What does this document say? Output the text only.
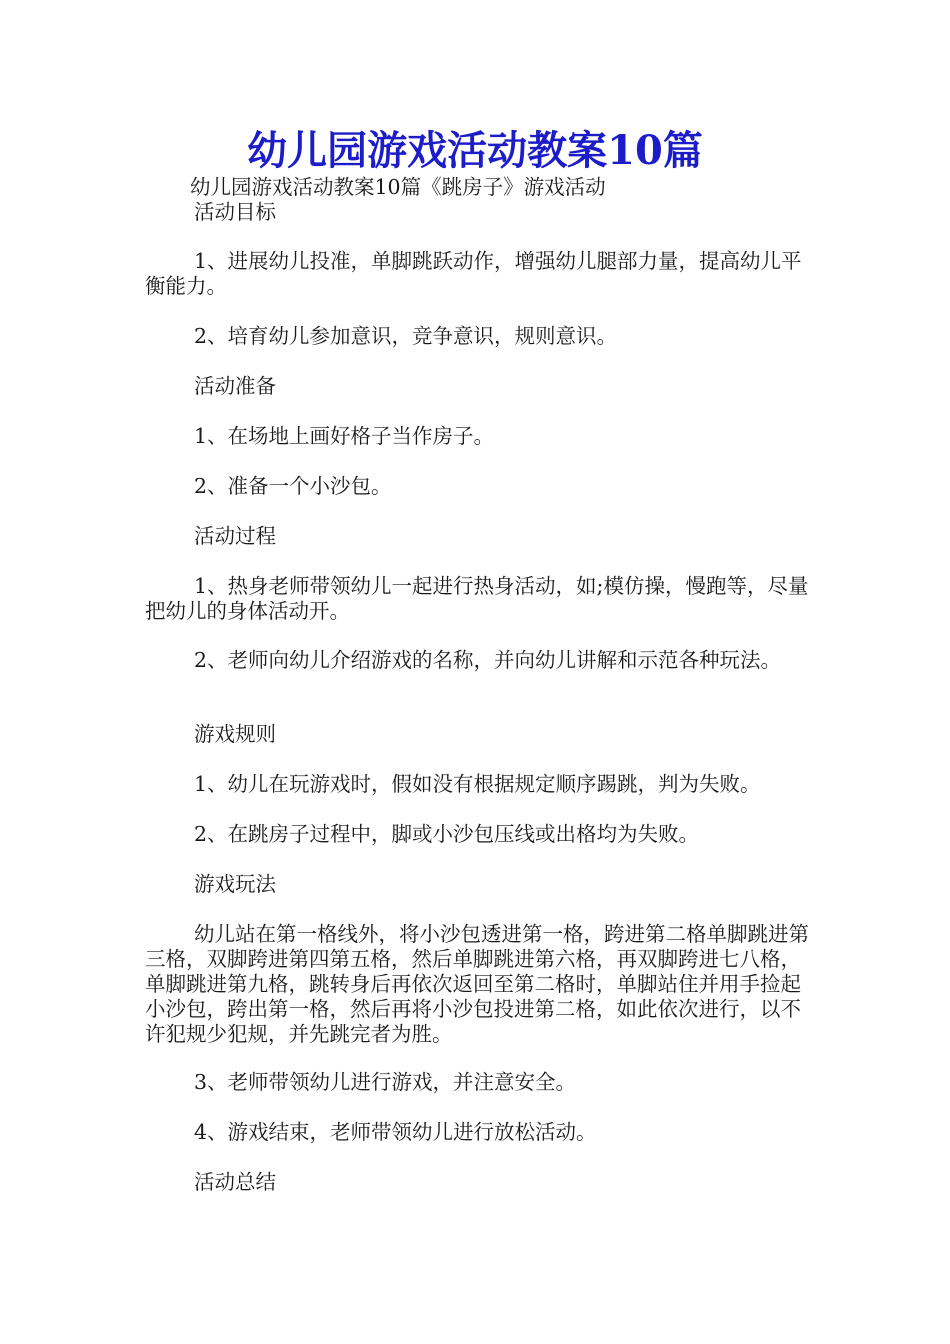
幼儿园游戏活动教案10篇

幼儿园游戏活动教案10篇《跳房子》游戏活动

活动目标

1、进展幼儿投准，单脚跳跃动作，增强幼儿腿部力量，提高幼儿平衡能力。

2、培育幼儿参加意识，竞争意识，规则意识。

活动准备

1、在场地上画好格子当作房子。

2、准备一个小沙包。

活动过程

1、热身老师带领幼儿一起进行热身活动，如;模仿操，慢跑等，尽量把幼儿的身体活动开。

2、老师向幼儿介绍游戏的名称，并向幼儿讲解和示范各种玩法。

游戏规则

1、幼儿在玩游戏时，假如没有根据规定顺序踢跳，判为失败。

2、在跳房子过程中，脚或小沙包压线或出格均为失败。

游戏玩法

幼儿站在第一格线外，将小沙包透进第一格，跨进第二格单脚跳进第三格，双脚跨进第四第五格，然后单脚跳进第六格，再双脚跨进七八格，单脚跳进第九格，跳转身后再依次返回至第二格时，单脚站住并用手捡起小沙包，跨出第一格，然后再将小沙包投进第二格，如此依次进行，以不许犯规少犯规，并先跳完者为胜。

3、老师带领幼儿进行游戏，并注意安全。

4、游戏结束，老师带领幼儿进行放松活动。

活动总结
